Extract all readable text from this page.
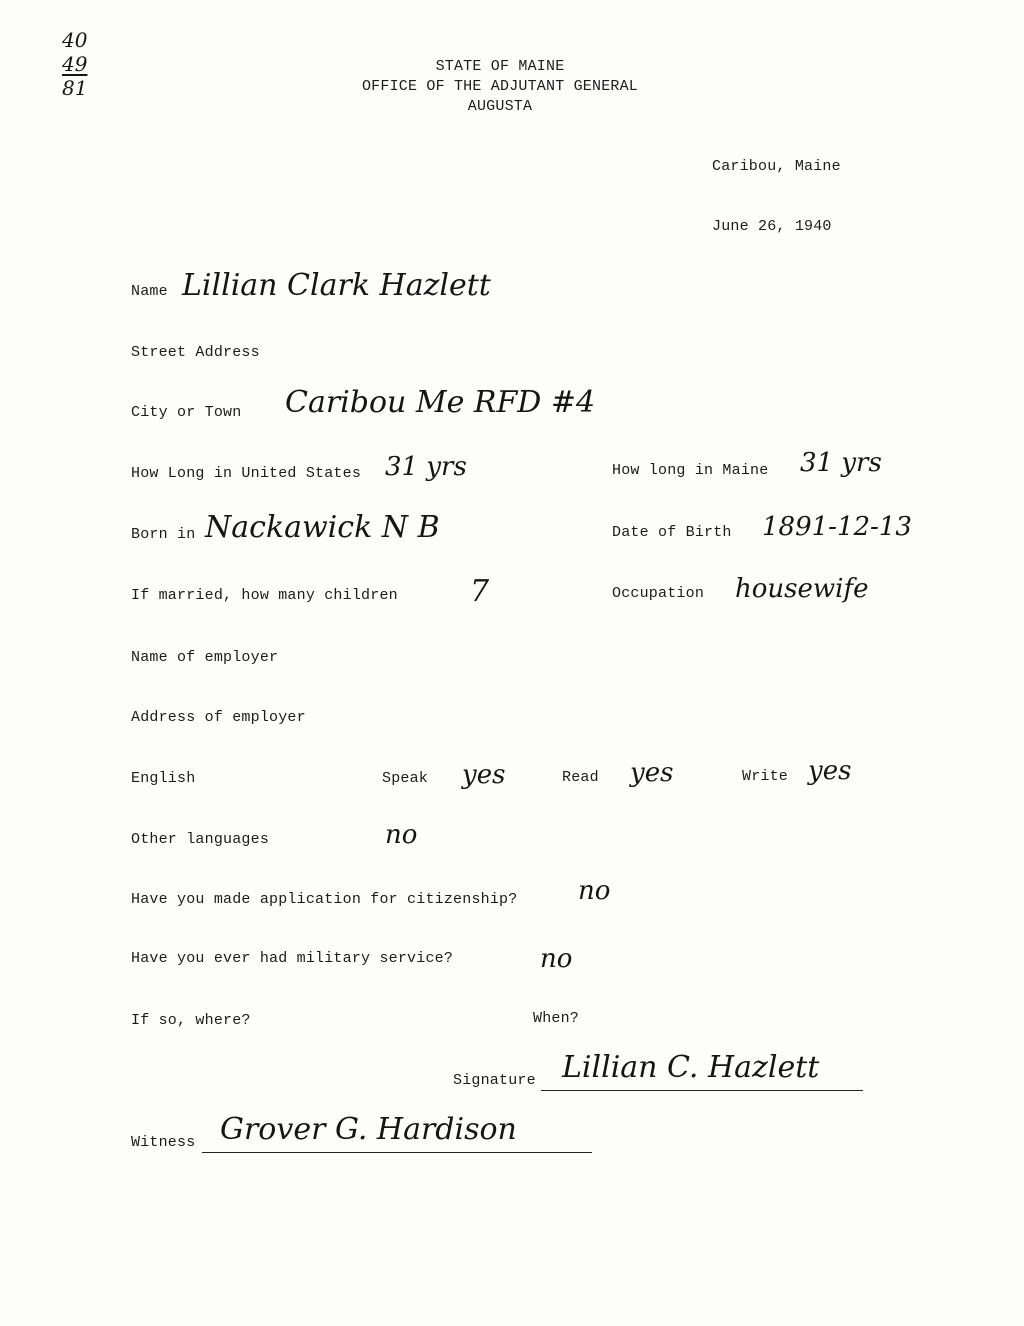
40
49
81
STATE OF MAINE
OFFICE OF THE ADJUTANT GENERAL
AUGUSTA
Caribou, Maine
June 26, 1940
Name Lillian Clark Hazlett
Street Address
City or Town Caribou Me RFD #4
How Long in United States 31 yrs	How long in Maine 31 yrs
Born in Nackawick N B	Date of Birth 1891-12-13
If married, how many children 7	Occupation housewife
Name of employer
Address of employer
English	Speak yes	Read yes	Write yes
Other languages	no
Have you made application for citizenship? no
Have you ever had military service?	no
If so, where?	When?
Signature Lillian C. Hazlett
Witness Grover G. Hardison
